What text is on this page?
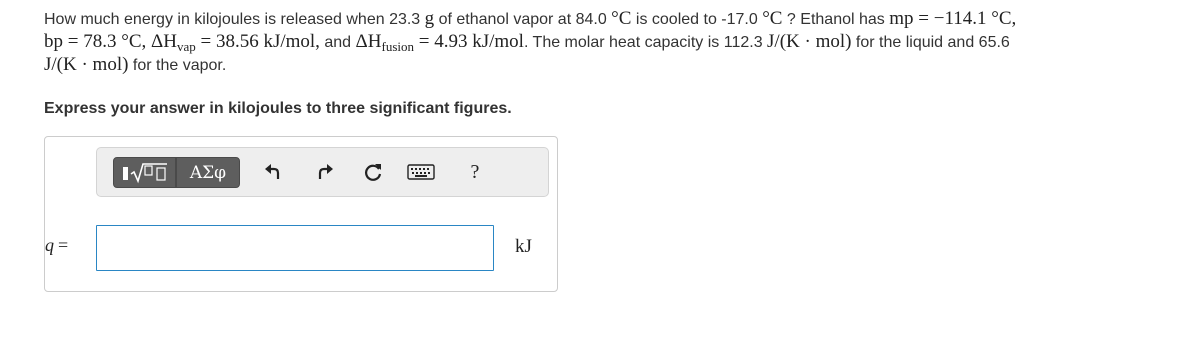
How much energy in kilojoules is released when 23.3 g of ethanol vapor at 84.0 °C is cooled to -17.0 °C ? Ethanol has mp = −114.1 °C,
bp = 78.3 °C, $\Delta H_{vap} = 38.56$ kJ/mol, and $\Delta H_{fusion} = 4.93$ kJ/mol. The molar heat capacity is 112.3 J/(K · mol) for the liquid and 65.6
J/(K · mol) for the vapor.
Express your answer in kilojoules to three significant figures.
ΑΣφ	?
q =	kJ
